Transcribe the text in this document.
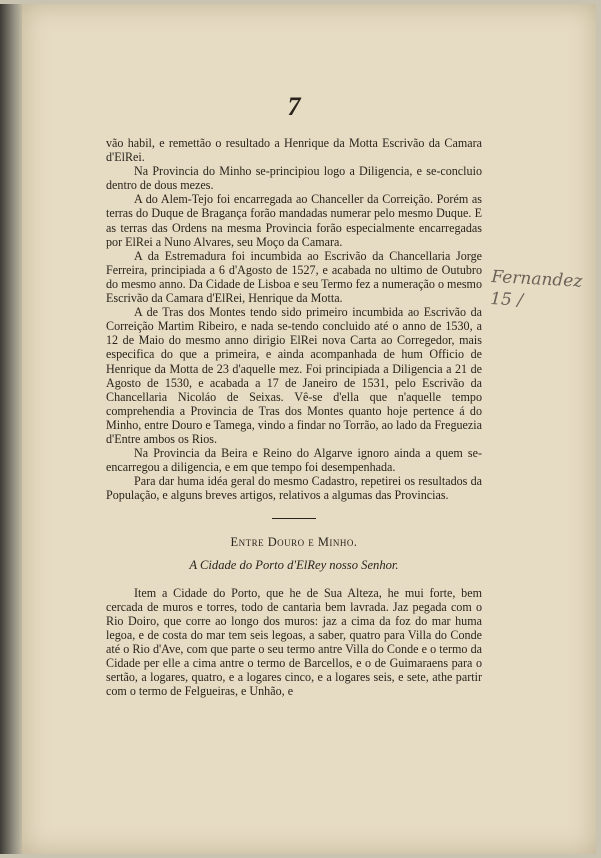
7

vão habil, e remettão o resultado a Henrique da Motta Escrivão da Camara d'ElRei.

Na Provincia do Minho se-principiou logo a Diligencia, e se-concluio dentro de dous mezes.

A do Alem-Tejo foi encarregada ao Chanceller da Correição. Porém as terras do Duque de Bragança forão mandadas numerar pelo mesmo Duque. E as terras das Ordens na mesma Provincia forão especialmente encarregadas por ElRei a Nuno Alvares, seu Moço da Camara.

A da Estremadura foi incumbida ao Escrivão da Chancellaria Jorge Ferreira, principiada a 6 d'Agosto de 1527, e acabada no ultimo de Outubro do mesmo anno. Da Cidade de Lisboa e seu Termo fez a numeração o mesmo Escrivão da Camara d'ElRei, Henrique da Motta.

A de Tras dos Montes tendo sido primeiro incumbida ao Escrivão da Correição Martim Ribeiro, e nada se-tendo concluido até o anno de 1530, a 12 de Maio do mesmo anno dirigio ElRei nova Carta ao Corregedor, mais especifica do que a primeira, e ainda acompanhada de hum Officio de Henrique da Motta de 23 d'aquelle mez. Foi principiada a Diligencia a 21 de Agosto de 1530, e acabada a 17 de Janeiro de 1531, pelo Escrivão da Chancellaria Nicoláo de Seixas. Vê-se d'ella que n'aquelle tempo comprehendia a Provincia de Tras dos Montes quanto hoje pertence á do Minho, entre Douro e Tamega, vindo a findar no Torrão, ao lado da Freguezia d'Entre ambos os Rios.

Na Provincia da Beira e Reino do Algarve ignoro ainda a quem se-encarregou a diligencia, e em que tempo foi desempenhada.

Para dar huma idéa geral do mesmo Cadastro, repetirei os resultados da População, e alguns breves artigos, relativos a algumas das Provincias.

Entre Douro e Minho.

A Cidade do Porto d'ElRey nosso Senhor.

Item a Cidade do Porto, que he de Sua Alteza, he mui forte, bem cercada de muros e torres, todo de cantaria bem lavrada. Jaz pegada com o Rio Doiro, que corre ao longo dos muros: jaz a cima da foz do mar huma legoa, e de costa do mar tem seis legoas, a saber, quatro para Villa do Conde até o Rio d'Ave, com que parte o seu termo antre Villa do Conde e o termo da Cidade per elle a cima antre o termo de Barcellos, e o de Guimaraens para o sertão, a logares, quatro, e a logares cinco, e a logares seis, e sete, athe partir com o termo de Felgueiras, e Unhão, e

Fernandez
15 /
